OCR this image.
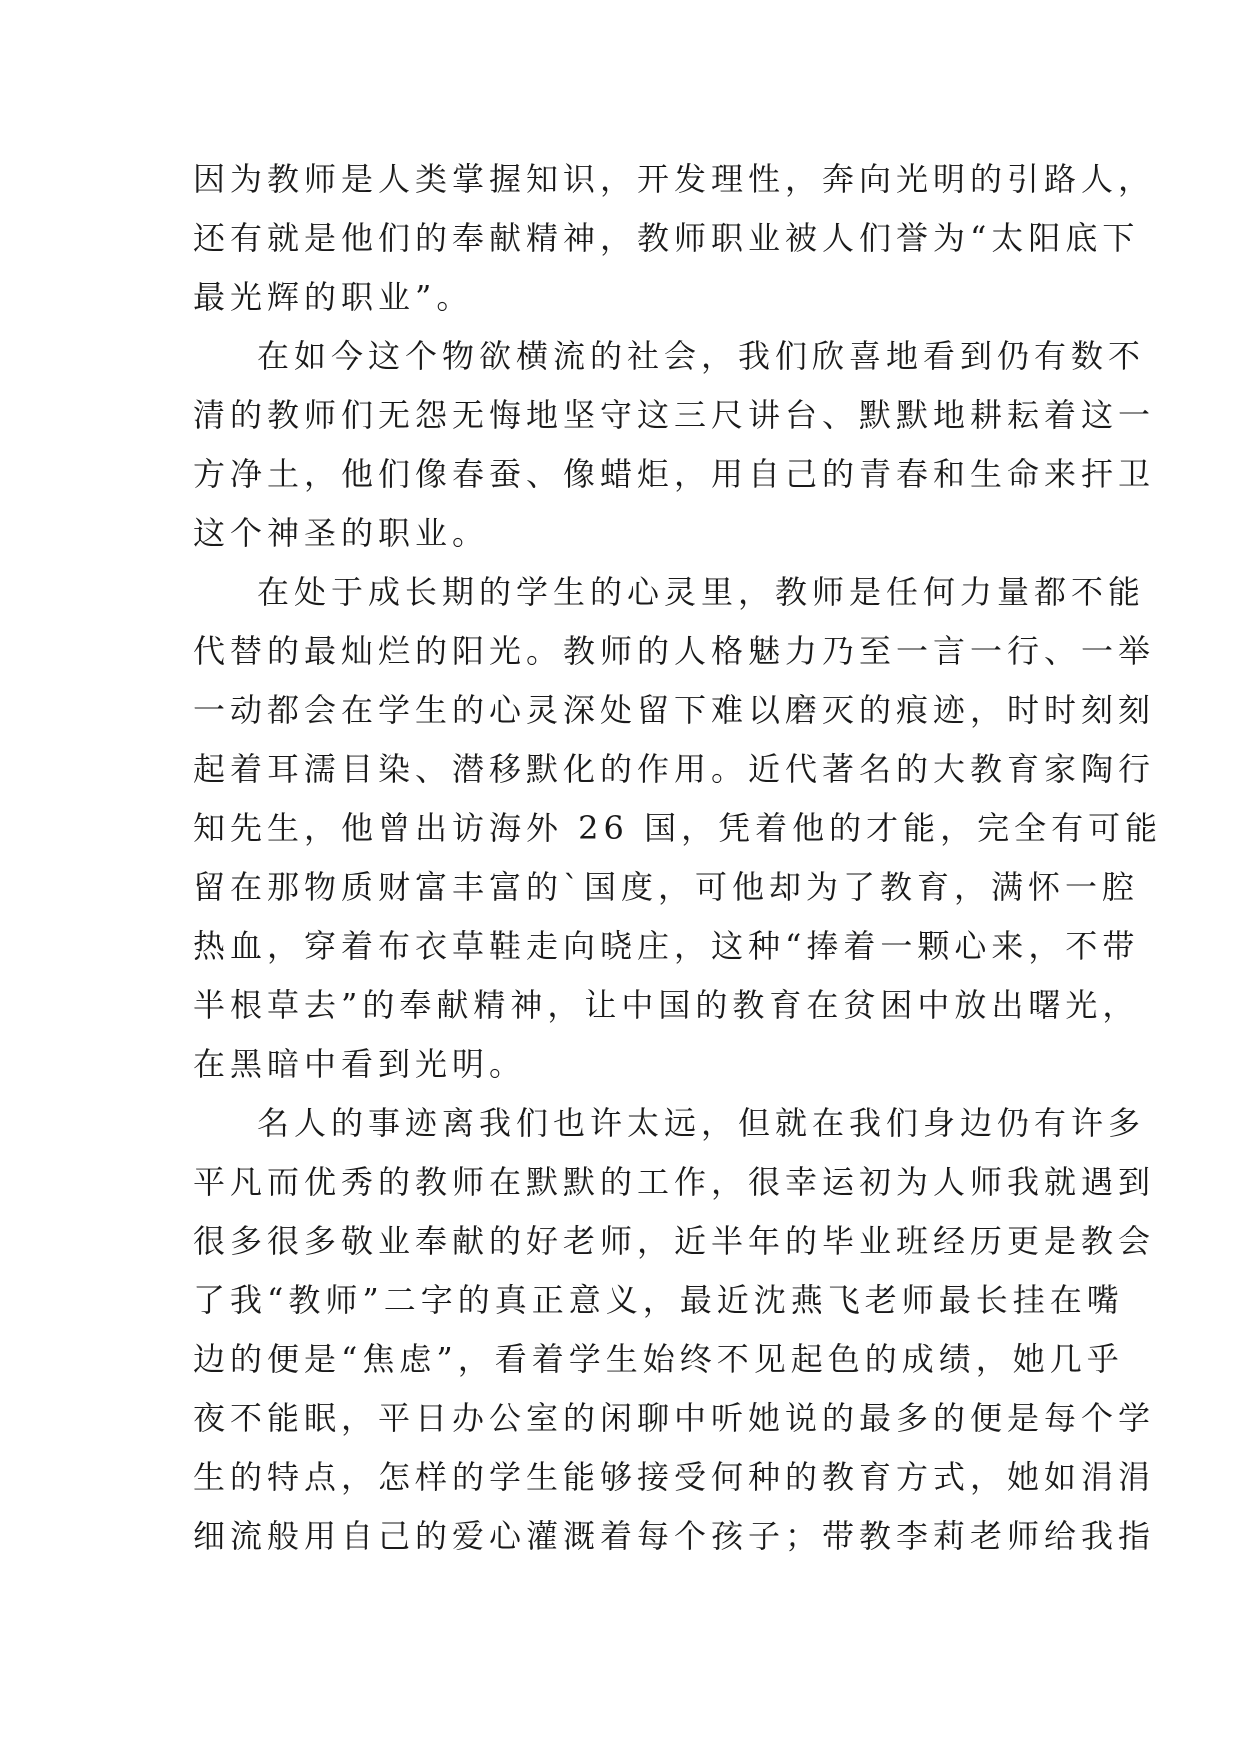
因为教师是人类掌握知识，开发理性，奔向光明的引路人，
还有就是他们的奉献精神，教师职业被人们誉为“太阳底下
最光辉的职业”。
在如今这个物欲横流的社会，我们欣喜地看到仍有数不
清的教师们无怨无悔地坚守这三尺讲台、默默地耕耘着这一
方净土，他们像春蚕、像蜡炬，用自己的青春和生命来扞卫
这个神圣的职业。
在处于成长期的学生的心灵里，教师是任何力量都不能
代替的最灿烂的阳光。教师的人格魅力乃至一言一行、一举
一动都会在学生的心灵深处留下难以磨灭的痕迹，时时刻刻
起着耳濡目染、潜移默化的作用。近代著名的大教育家陶行
知先生，他曾出访海外 26 国，凭着他的才能，完全有可能
留在那物质财富丰富的`国度，可他却为了教育，满怀一腔
热血，穿着布衣草鞋走向晓庄，这种“捧着一颗心来，不带
半根草去”的奉献精神，让中国的教育在贫困中放出曙光，
在黑暗中看到光明。
名人的事迹离我们也许太远，但就在我们身边仍有许多
平凡而优秀的教师在默默的工作，很幸运初为人师我就遇到
很多很多敬业奉献的好老师，近半年的毕业班经历更是教会
了我“教师”二字的真正意义，最近沈燕飞老师最长挂在嘴
边的便是“焦虑”，看着学生始终不见起色的成绩，她几乎
夜不能眠，平日办公室的闲聊中听她说的最多的便是每个学
生的特点，怎样的学生能够接受何种的教育方式，她如涓涓
细流般用自己的爱心灌溉着每个孩子；带教李莉老师给我指
